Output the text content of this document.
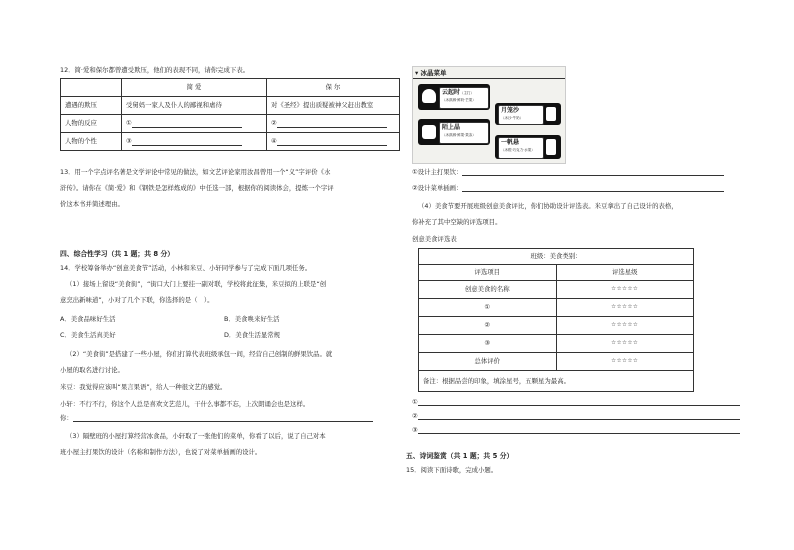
12．简·爱和保尔都曾遭受欺压，他们的表现不同，请你完成下表。
	简 爱	保 尔
遭遇的欺压	受舅妈一家人及仆人的鄙视和虐待	对《圣经》提出质疑被神父赶出教室
人物的反应	①	②
人物的个性	③	④
13．用一个字点评名著是文学评论中常见的做法，如文艺评论家用汝昌曾用一个“义”字评价《水
浒传》。请你在《简·爱》和《钢铁是怎样炼成的》中任选一部，根据你的阅读体会，提炼一个字评
价这本书并简述理由。
四、综合性学习（共 1 题；共 8 分）
14．学校筹备举办“创意美食节”活动，小林和米豆、小轩同学参与了完成下面几项任务。
（1）接场上留设“美食街”，“街口大门上要挂一副对联，学校将此征集，米豆拟的上联是“创
意烹出新味道”，小对了几个下联，你选择的是（　）。
A．美食品味好生活	B．美食唤来好生活
C．美食生活真美好	D．美食生活显常规
（2）“美食街”是搭建了一些小屋，你们打算代表班级承包一间，经营自己创制的鲜果饮品。就
小屋的取名进行讨论。
米豆：我觉得应该叫“果言果语”，给人一种很文艺的感觉。
小轩：不行不行，你这个人总是喜欢文艺范儿，干什么事都不忘，上次朗诵会也是这样。
你：
（3）隔壁班的小屋打算经营冰食品，小轩取了一张他们的菜单，你看了以后，说了自己对本
班小屋主打果饮的设计（名称和制作方法），也说了对菜单插画的设计。
▾ 冰晶菜单
云起时（主打）
（冰淇淋·鲜奶·芒果）
月笼沙
（冰沙·牛奶）
陌上晶
（冰淇淋·鲜果·果冻）
一帆悬
（冰棍·巧克力·水果）
①设计主打果饮：
②设计菜单插画：
（4）美食节要开展班级创意美食评比，你们协助设计评选表。米豆拿出了自己设计的表格，
你补充了其中空缺的评选项目。
创意美食评选表
班级：美食类别：	
评选项目	评选星级
创意美食的名称	☆☆☆☆☆
①	☆☆☆☆☆
②	☆☆☆☆☆
③	☆☆☆☆☆
总体评价	☆☆☆☆☆
备注：根据品尝的印象，填涂星号，五颗星为最高。	
①
②
③
五、诗词鉴赏（共 1 题；共 5 分）
15．阅读下面诗歌，完成小题。
